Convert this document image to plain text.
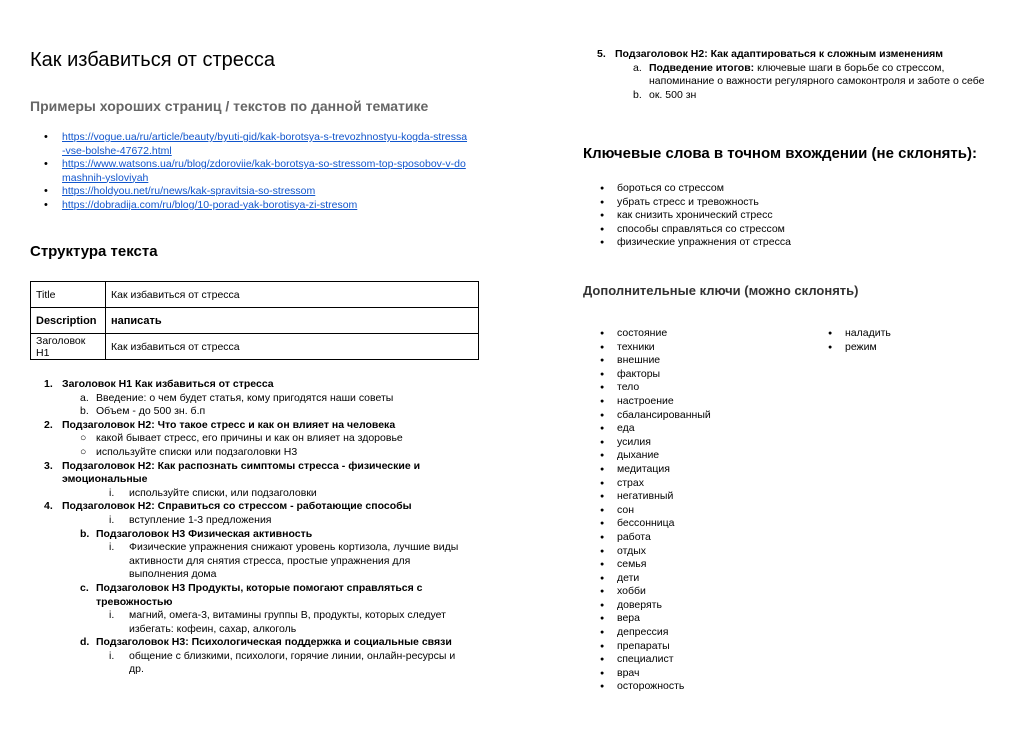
Как избавиться от стресса
Примеры хороших страниц / текстов по данной тематике
• https://vogue.ua/ru/article/beauty/byuti-gid/kak-borotsya-s-trevozhnostyu-kogda-stressa-vse-bolshe-47672.html
• https://www.watsons.ua/ru/blog/zdoroviie/kak-borotsya-so-stressom-top-sposobov-v-domashnih-ysloviyah
• https://holdyou.net/ru/news/kak-spravitsia-so-stressom
• https://dobradija.com/ru/blog/10-porad-yak-borotisya-zi-stresom
Структура текста
Title	Как избавиться от стресса
Description	написать
Заголовок H1	Как избавиться от стресса
1. Заголовок H1 Как избавиться от стресса
a. Введение: о чем будет статья, кому пригодятся наши советы
b. Объем - до 500 зн. б.п
2. Подзаголовок H2: Что такое стресс и как он влияет на человека
○ какой бывает стресс, его причины и как он влияет на здоровье
○ используйте списки или подзаголовки H3
3. Подзаголовок H2: Как распознать симптомы стресса - физические и эмоциональные
i. используйте списки, или подзаголовки
4. Подзаголовок H2: Справиться со стрессом - работающие способы
i. вступление 1-3 предложения
b. Подзаголовок H3 Физическая активность
i. Физические упражнения снижают уровень кортизола, лучшие виды активности для снятия стресса, простые упражнения для выполнения дома
c. Подзаголовок H3 Продукты, которые помогают справляться с тревожностью
i. магний, омега-3, витамины группы В, продукты, которых следует избегать: кофеин, сахар, алкоголь
d. Подзаголовок H3: Психологическая поддержка и социальные связи
i. общение с близкими, психологи, горячие линии, онлайн-ресурсы и др.
5. Подзаголовок H2: Как адаптироваться к сложным изменениям
a. Подведение итогов: ключевые шаги в борьбе со стрессом, напоминание о важности регулярного самоконтроля и заботе о себе
b. ок. 500 зн
Ключевые слова в точном вхождении (не склонять):
● бороться со стрессом
● убрать стресс и тревожность
● как снизить хронический стресс
● способы справляться со стрессом
● физические упражнения от стресса
Дополнительные ключи (можно склонять)
● состояние
● техники
● внешние
● факторы
● тело
● настроение
● сбалансированный
● еда
● усилия
● дыхание
● медитация
● страх
● негативный
● сон
● бессонница
● работа
● отдых
● семья
● дети
● хобби
● доверять
● вера
● депрессия
● препараты
● специалист
● врач
● осторожность
● наладить
● режим
